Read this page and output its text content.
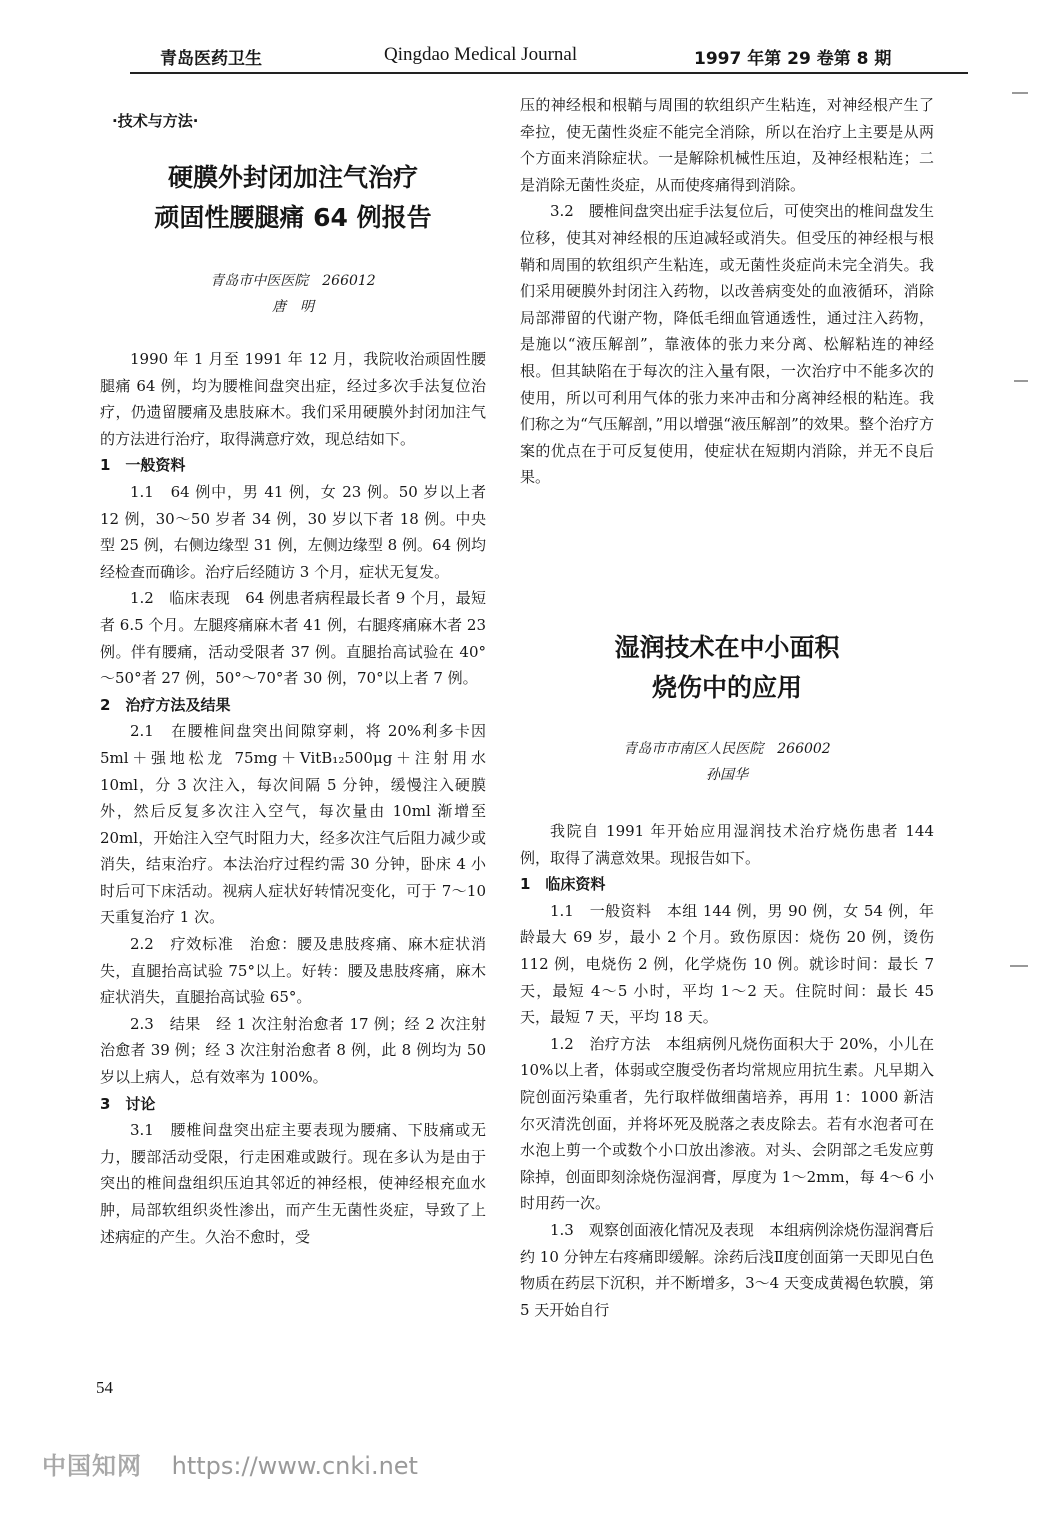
青岛医药卫生	Qingdao Medical Journal	1997 年第 29 卷第 8 期
·技术与方法·
硬膜外封闭加注气治疗
顽固性腰腿痛 64 例报告
青岛市中医医院　266012
唐　明

1990 年 1 月至 1991 年 12 月，我院收治顽固性腰腿痛 64 例，均为腰椎间盘突出症，经过多次手法复位治疗，仍遗留腰痛及患肢麻木。我们采用硬膜外封闭加注气的方法进行治疗，取得满意疗效，现总结如下。

1　一般资料

1.1　64 例中，男 41 例，女 23 例。50 岁以上者 12 例，30～50 岁者 34 例，30 岁以下者 18 例。中央型 25 例，右侧边缘型 31 例，左侧边缘型 8 例。64 例均经检查而确诊。治疗后经随访 3 个月，症状无复发。

1.2　临床表现　64 例患者病程最长者 9 个月，最短者 6.5 个月。左腿疼痛麻木者 41 例，右腿疼痛麻木者 23 例。伴有腰痛，活动受限者 37 例。直腿抬高试验在 40°～50°者 27 例，50°～70°者 30 例，70°以上者 7 例。

2　治疗方法及结果

2.1　在腰椎间盘突出间隙穿刺，将 20%利多卡因 5ml＋强地松龙 75mg＋VitB₁₂500μg＋注射用水 10ml，分 3 次注入，每次间隔 5 分钟，缓慢注入硬膜外，然后反复多次注入空气，每次量由 10ml 渐增至 20ml，开始注入空气时阻力大，经多次注气后阻力减少或消失，结束治疗。本法治疗过程约需 30 分钟，卧床 4 小时后可下床活动。视病人症状好转情况变化，可于 7～10 天重复治疗 1 次。

2.2　疗效标准　治愈：腰及患肢疼痛、麻木症状消失，直腿抬高试验 75°以上。好转：腰及患肢疼痛，麻木症状消失，直腿抬高试验 65°。

2.3　结果　经 1 次注射治愈者 17 例；经 2 次注射治愈者 39 例；经 3 次注射治愈者 8 例，此 8 例均为 50 岁以上病人，总有效率为 100%。

3　讨论

3.1　腰椎间盘突出症主要表现为腰痛、下肢痛或无力，腰部活动受限，行走困难或跛行。现在多认为是由于突出的椎间盘组织压迫其邻近的神经根，使神经根充血水肿，局部软组织炎性渗出，而产生无菌性炎症，导致了上述病症的产生。久治不愈时，受

压的神经根和根鞘与周围的软组织产生粘连，对神经根产生了牵拉，使无菌性炎症不能完全消除，所以在治疗上主要是从两个方面来消除症状。一是解除机械性压迫，及神经根粘连；二是消除无菌性炎症，从而使疼痛得到消除。

3.2　腰椎间盘突出症手法复位后，可使突出的椎间盘发生位移，使其对神经根的压迫减轻或消失。但受压的神经根与根鞘和周围的软组织产生粘连，或无菌性炎症尚未完全消失。我们采用硬膜外封闭注入药物，以改善病变处的血液循环，消除局部滞留的代谢产物，降低毛细血管通透性，通过注入药物，是施以“液压解剖”，靠液体的张力来分离、松解粘连的神经根。但其缺陷在于每次的注入量有限，一次治疗中不能多次的使用，所以可利用气体的张力来冲击和分离神经根的粘连。我们称之为“气压解剖，”用以增强“液压解剖”的效果。整个治疗方案的优点在于可反复使用，使症状在短期内消除，并无不良后果。

湿润技术在中小面积
烧伤中的应用
青岛市市南区人民医院　266002
孙国华

我院自 1991 年开始应用湿润技术治疗烧伤患者 144 例，取得了满意效果。现报告如下。

1　临床资料

1.1　一般资料　本组 144 例，男 90 例，女 54 例，年龄最大 69 岁，最小 2 个月。致伤原因：烧伤 20 例，烫伤 112 例，电烧伤 2 例，化学烧伤 10 例。就诊时间：最长 7 天，最短 4～5 小时，平均 1～2 天。住院时间：最长 45 天，最短 7 天，平均 18 天。

1.2　治疗方法　本组病例凡烧伤面积大于 20%，小儿在 10%以上者，体弱或空腹受伤者均常规应用抗生素。凡早期入院创面污染重者，先行取样做细菌培养，再用 1：1000 新洁尔灭清洗创面，并将坏死及脱落之表皮除去。若有水泡者可在水泡上剪一个或数个小口放出渗液。对头、会阴部之毛发应剪除掉，创面即刻涂烧伤湿润膏，厚度为 1～2mm，每 4～6 小时用药一次。

1.3　观察创面液化情况及表现　本组病例涂烧伤湿润膏后约 10 分钟左右疼痛即缓解。涂药后浅Ⅱ度创面第一天即见白色物质在药层下沉积，并不断增多，3～4 天变成黄褐色软膜，第 5 天开始自行

54
中国知网 https://www.cnki.net
